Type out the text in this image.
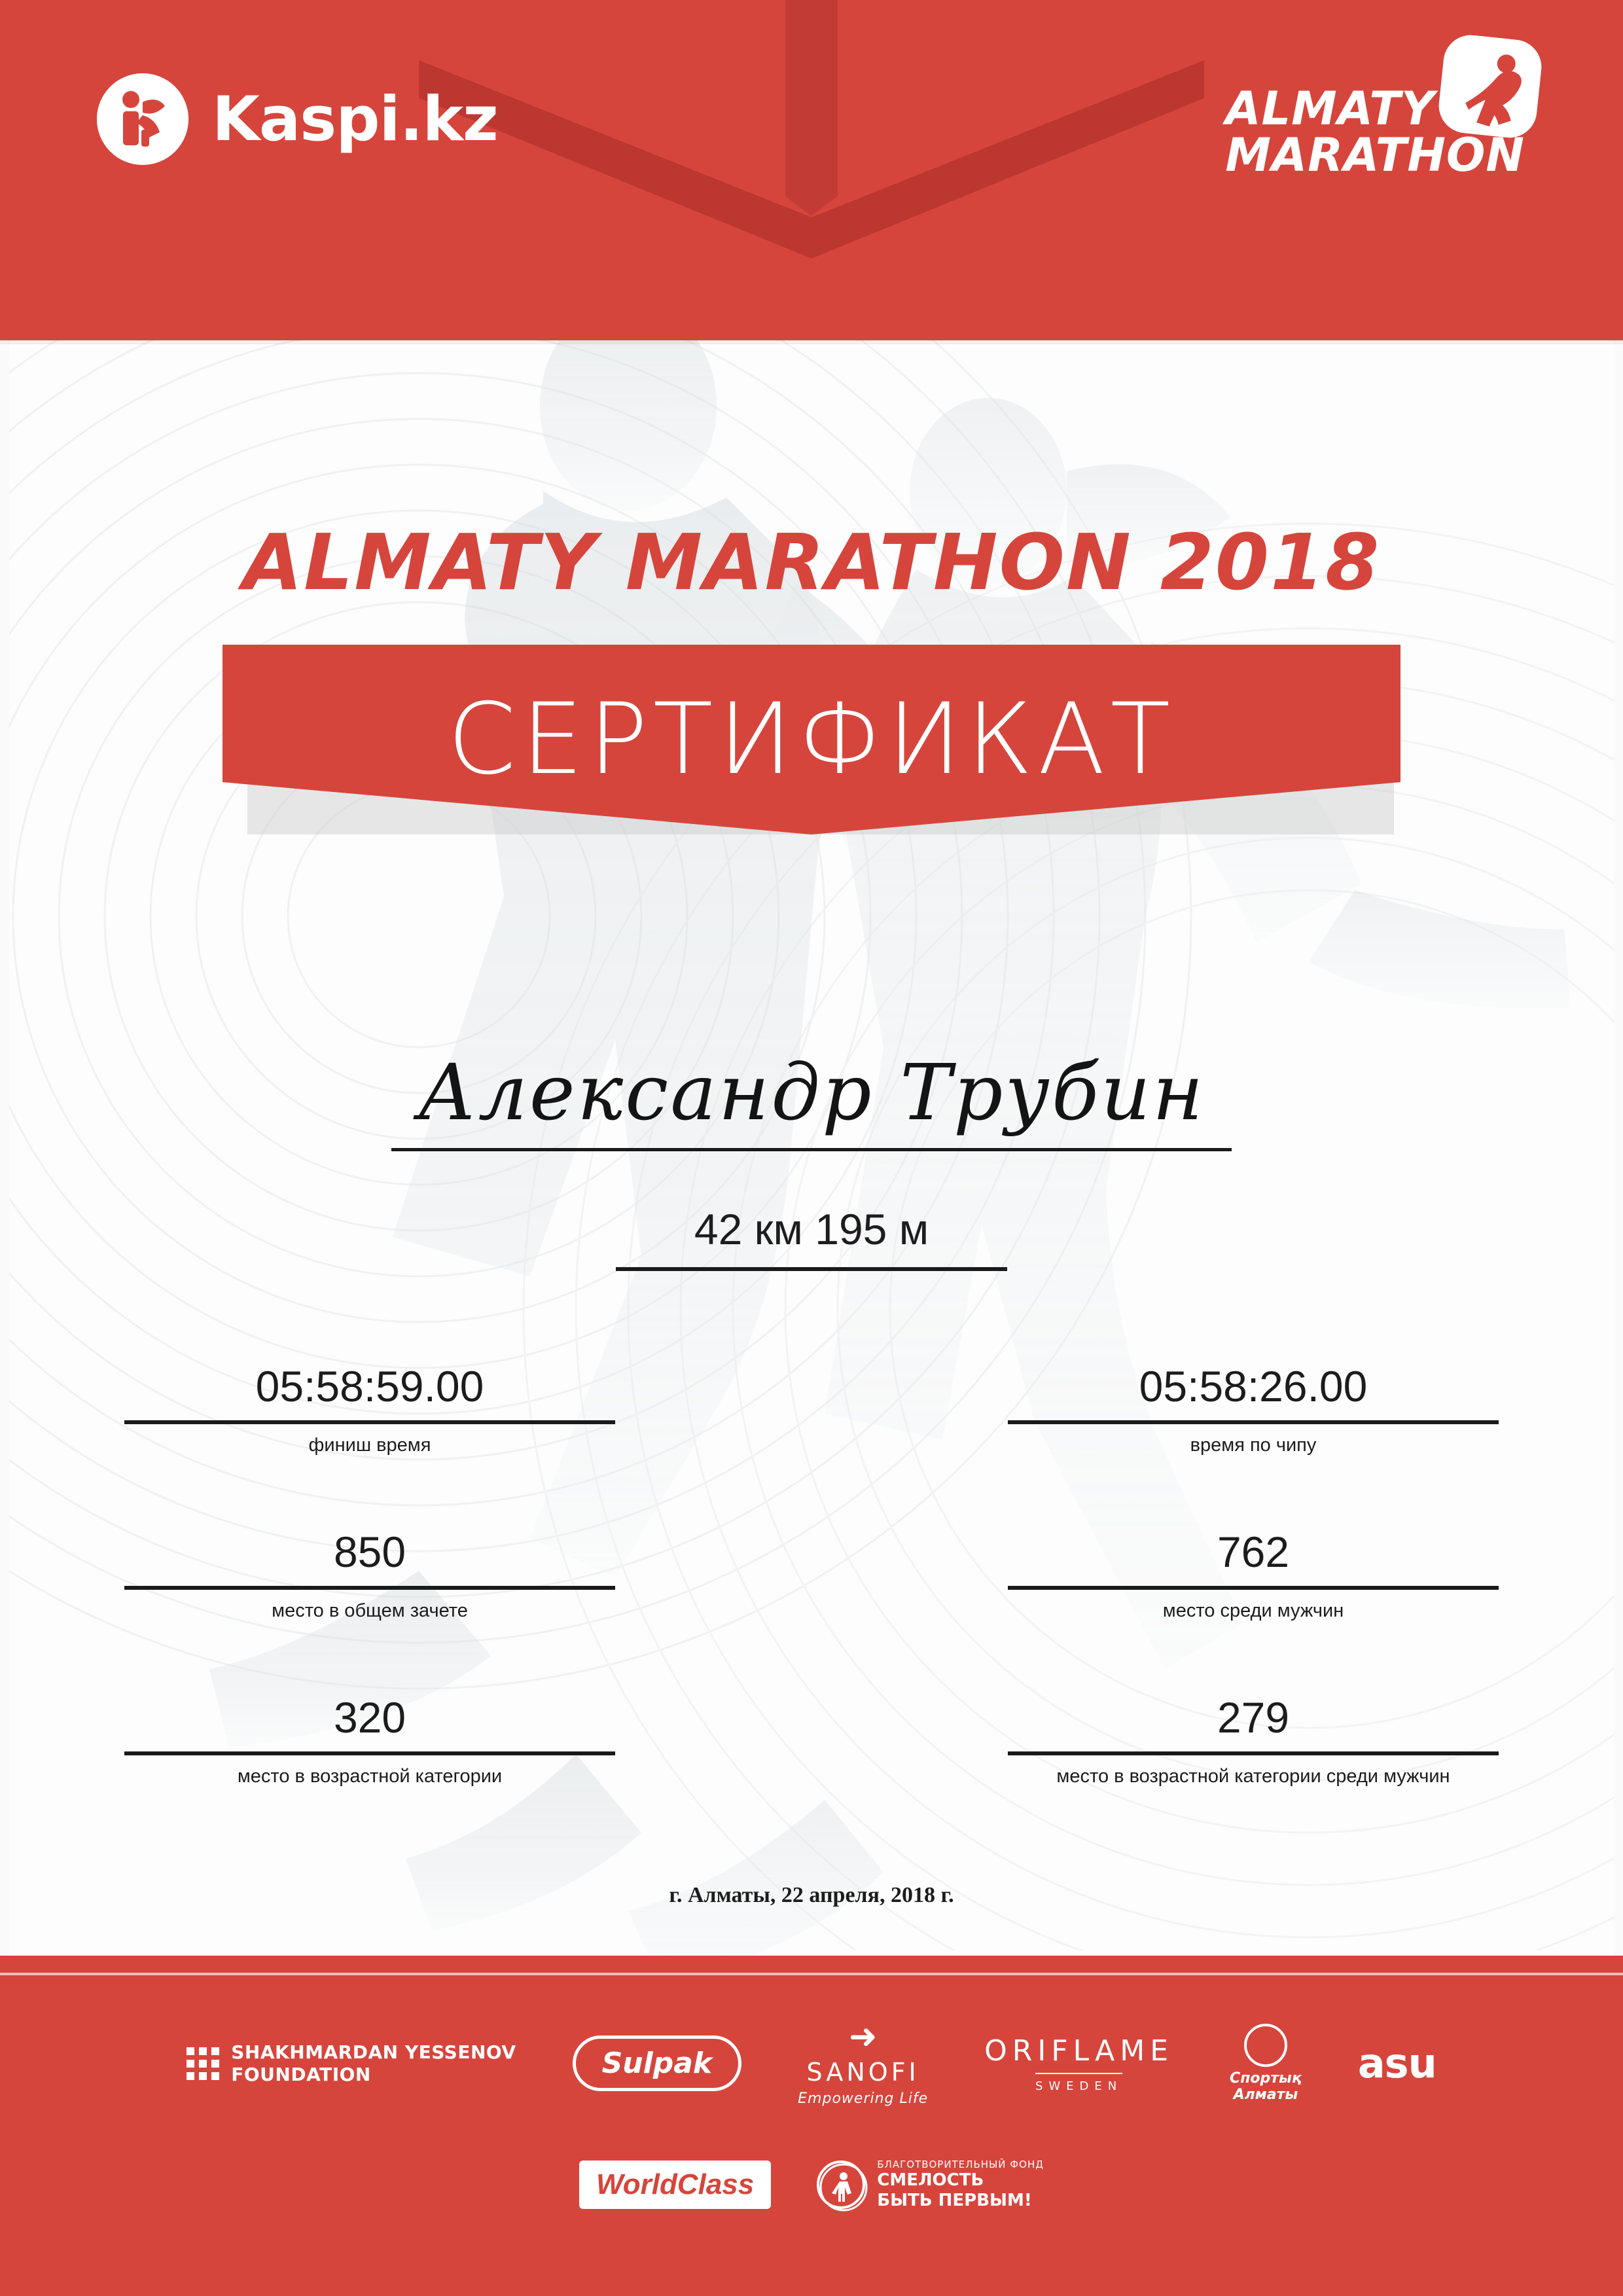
Kaspi.kz	ALMATY
MARATHON
ALMATY MARATHON 2018
СЕРТИФИКАТ
Александр Трубин
42 км 195 м
05:58:59.00
финиш время
05:58:26.00
время по чипу
850
место в общем зачете
762
место среди мужчин
320
место в возрастной категории
279
место в возрастной категории среди мужчин
г. Алматы, 22 апреля, 2018 г.
SHAKHMARDAN YESSENOV
FOUNDATION	Sulpak
➜
SANOFI
Empowering Life
ORIFLAME
SWEDEN	Спортық
Алматы
asu
WorldClass
БЛАГОТВОРИТЕЛЬНЫЙ ФОНД
СМЕЛОСТЬ
БЫТЬ ПЕРВЫМ!
